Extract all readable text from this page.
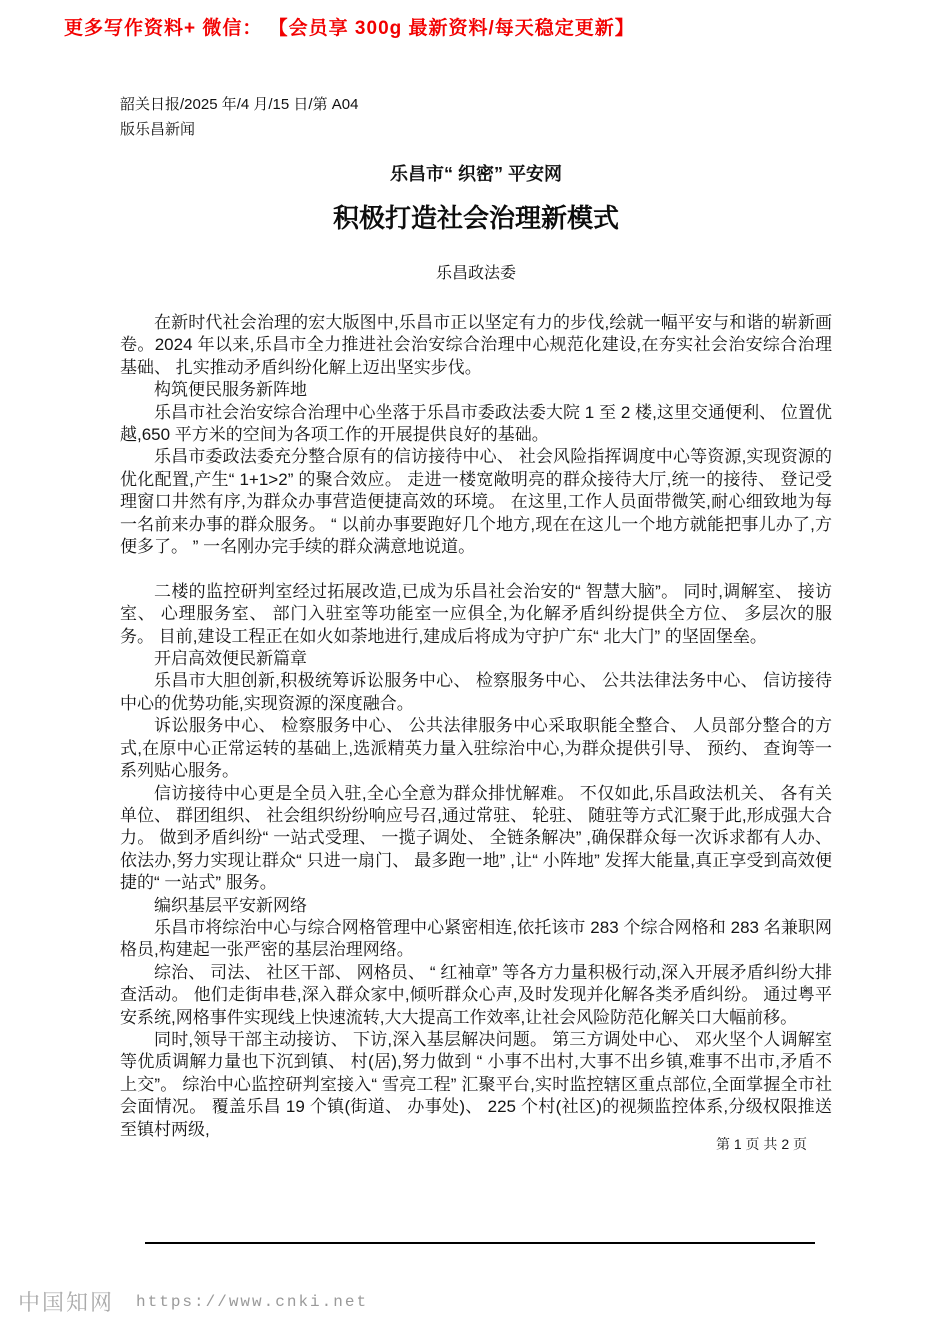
更多写作资料+ 微信： 【会员享 300g 最新资料/每天稳定更新】
韶关日报/2025 年/4 月/15 日/第 A04
版乐昌新闻
乐昌市“ 织密” 平安网
积极打造社会治理新模式
乐昌政法委

在新时代社会治理的宏大版图中,乐昌市正以坚定有力的步伐,绘就一幅平安与和谐的崭新画卷。2024 年以来,乐昌市全力推进社会治安综合治理中心规范化建设,在夯实社会治安综合治理基础、 扎实推动矛盾纠纷化解上迈出坚实步伐。

构筑便民服务新阵地

乐昌市社会治安综合治理中心坐落于乐昌市委政法委大院 1 至 2 楼,这里交通便利、 位置优越,650 平方米的空间为各项工作的开展提供良好的基础。

乐昌市委政法委充分整合原有的信访接待中心、 社会风险指挥调度中心等资源,实现资源的优化配置,产生“ 1+1>2” 的聚合效应。 走进一楼宽敞明亮的群众接待大厅,统一的接待、 登记受理窗口井然有序,为群众办事营造便捷高效的环境。 在这里,工作人员面带微笑,耐心细致地为每一名前来办事的群众服务。 “ 以前办事要跑好几个地方,现在在这儿一个地方就能把事儿办了,方便多了。 ” 一名刚办完手续的群众满意地说道。

二楼的监控研判室经过拓展改造,已成为乐昌社会治安的“ 智慧大脑”。 同时,调解室、 接访室、 心理服务室、 部门入驻室等功能室一应俱全,为化解矛盾纠纷提供全方位、 多层次的服务。 目前,建设工程正在如火如荼地进行,建成后将成为守护广东“ 北大门” 的坚固堡垒。

开启高效便民新篇章

乐昌市大胆创新,积极统筹诉讼服务中心、 检察服务中心、 公共法律法务中心、 信访接待中心的优势功能,实现资源的深度融合。

诉讼服务中心、 检察服务中心、 公共法律服务中心采取职能全整合、 人员部分整合的方式,在原中心正常运转的基础上,选派精英力量入驻综治中心,为群众提供引导、 预约、 查询等一系列贴心服务。

信访接待中心更是全员入驻,全心全意为群众排忧解难。 不仅如此,乐昌政法机关、 各有关单位、 群团组织、 社会组织纷纷响应号召,通过常驻、 轮驻、 随驻等方式汇聚于此,形成强大合力。 做到矛盾纠纷“ 一站式受理、 一揽子调处、 全链条解决” ,确保群众每一次诉求都有人办、 依法办,努力实现让群众“ 只进一扇门、 最多跑一地” ,让“ 小阵地” 发挥大能量,真正享受到高效便捷的“ 一站式” 服务。

编织基层平安新网络

乐昌市将综治中心与综合网格管理中心紧密相连,依托该市 283 个综合网格和 283 名兼职网格员,构建起一张严密的基层治理网络。

综治、 司法、 社区干部、 网格员、 “ 红袖章” 等各方力量积极行动,深入开展矛盾纠纷大排查活动。 他们走街串巷,深入群众家中,倾听群众心声,及时发现并化解各类矛盾纠纷。 通过粤平安系统,网格事件实现线上快速流转,大大提高工作效率,让社会风险防范化解关口大幅前移。

同时,领导干部主动接访、 下访,深入基层解决问题。 第三方调处中心、 邓火坚个人调解室等优质调解力量也下沉到镇、 村(居),努力做到 “ 小事不出村,大事不出乡镇,难事不出市,矛盾不上交”。 综治中心监控研判室接入“ 雪亮工程” 汇聚平台,实时监控辖区重点部位,全面掌握全市社会面情况。 覆盖乐昌 19 个镇(街道、 办事处)、 225 个村(社区)的视频监控体系,分级权限推送至镇村两级,

第 1 页 共 2 页
中国知网 https://www.cnki.net
